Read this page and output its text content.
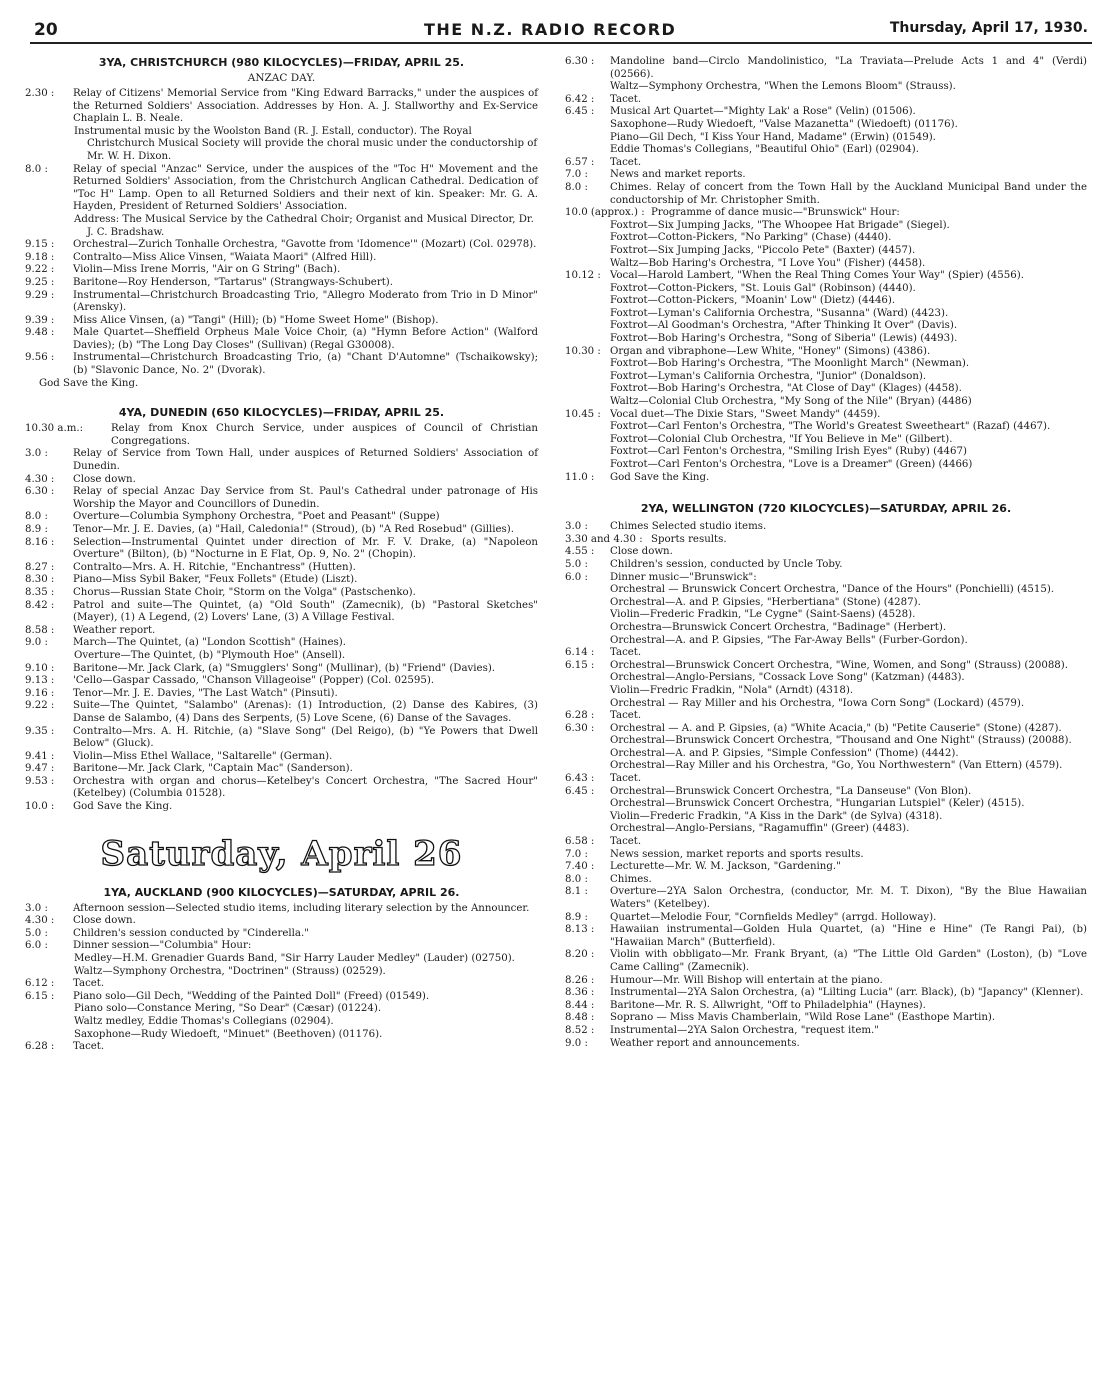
20	THE N.Z. RADIO RECORD	Thursday, April 17, 1930.
3YA, CHRISTCHURCH (980 KILOCYCLES)—FRIDAY, APRIL 25.
ANZAC DAY.
2.30 :	Relay of Citizens' Memorial Service from "King Edward Barracks," under the auspices of the Returned Soldiers' Association. Addresses by Hon. A. J. Stallworthy and Ex-Service Chaplain L. B. Neale.
Instrumental music by the Woolston Band (R. J. Estall, conductor). The Royal Christchurch Musical Society will provide the choral music under the conductorship of Mr. W. H. Dixon.
8.0 :	Relay of special "Anzac" Service, under the auspices of the "Toc H" Movement and the Returned Soldiers' Association, from the Christchurch Anglican Cathedral. Dedication of "Toc H" Lamp. Open to all Returned Soldiers and their next of kin. Speaker: Mr. G. A. Hayden, President of Returned Soldiers' Association.
Address: The Musical Service by the Cathedral Choir; Organist and Musical Director, Dr. J. C. Bradshaw.
9.15 :	Orchestral—Zurich Tonhalle Orchestra, "Gavotte from 'Idomence'" (Mozart) (Col. 02978).
9.18 :	Contralto—Miss Alice Vinsen, "Waiata Maori" (Alfred Hill).
9.22 :	Violin—Miss Irene Morris, "Air on G String" (Bach).
9.25 :	Baritone—Roy Henderson, "Tartarus" (Strangways-Schubert).
9.29 :	Instrumental—Christchurch Broadcasting Trio, "Allegro Moderato from Trio in D Minor" (Arensky).
9.39 :	Miss Alice Vinsen, (a) "Tangi" (Hill); (b) "Home Sweet Home" (Bishop).
9.48 :	Male Quartet—Sheffield Orpheus Male Voice Choir, (a) "Hymn Before Action" (Walford Davies); (b) "The Long Day Closes" (Sullivan) (Regal G30008).
9.56 :	Instrumental—Christchurch Broadcasting Trio, (a) "Chant D'Automne" (Tschaikowsky); (b) "Slavonic Dance, No. 2" (Dvorak).
God Save the King.
4YA, DUNEDIN (650 KILOCYCLES)—FRIDAY, APRIL 25.
10.30 a.m.:	Relay from Knox Church Service, under auspices of Council of Christian Congregations.
3.0 :	Relay of Service from Town Hall, under auspices of Returned Soldiers' Association of Dunedin.
4.30 :	Close down.
6.30 :	Relay of special Anzac Day Service from St. Paul's Cathedral under patronage of His Worship the Mayor and Councillors of Dunedin.
8.0 :	Overture—Columbia Symphony Orchestra, "Poet and Peasant" (Suppe)
8.9 :	Tenor—Mr. J. E. Davies, (a) "Hail, Caledonia!" (Stroud), (b) "A Red Rosebud" (Gillies).
8.16 :	Selection—Instrumental Quintet under direction of Mr. F. V. Drake, (a) "Napoleon Overture" (Bilton), (b) "Nocturne in E Flat, Op. 9, No. 2" (Chopin).
8.27 :	Contralto—Mrs. A. H. Ritchie, "Enchantress" (Hutten).
8.30 :	Piano—Miss Sybil Baker, "Feux Follets" (Etude) (Liszt).
8.35 :	Chorus—Russian State Choir, "Storm on the Volga" (Pastschenko).
8.42 :	Patrol and suite—The Quintet, (a) "Old South" (Zamecnik), (b) "Pastoral Sketches" (Mayer), (1) A Legend, (2) Lovers' Lane, (3) A Village Festival.
8.58 :	Weather report.
9.0 :	March—The Quintet, (a) "London Scottish" (Haines).
Overture—The Quintet, (b) "Plymouth Hoe" (Ansell).
9.10 :	Baritone—Mr. Jack Clark, (a) "Smugglers' Song" (Mullinar), (b) "Friend" (Davies).
9.13 :	'Cello—Gaspar Cassado, "Chanson Villageoise" (Popper) (Col. 02595).
9.16 :	Tenor—Mr. J. E. Davies, "The Last Watch" (Pinsuti).
9.22 :	Suite—The Quintet, "Salambo" (Arenas): (1) Introduction, (2) Danse des Kabires, (3) Danse de Salambo, (4) Dans des Serpents, (5) Love Scene, (6) Danse of the Savages.
9.35 :	Contralto—Mrs. A. H. Ritchie, (a) "Slave Song" (Del Reigo), (b) "Ye Powers that Dwell Below" (Gluck).
9.41 :	Violin—Miss Ethel Wallace, "Saltarelle" (German).
9.47 :	Baritone—Mr. Jack Clark, "Captain Mac" (Sanderson).
9.53 :	Orchestra with organ and chorus—Ketelbey's Concert Orchestra, "The Sacred Hour" (Ketelbey) (Columbia 01528).
10.0 :	God Save the King.
Saturday, April 26
1YA, AUCKLAND (900 KILOCYCLES)—SATURDAY, APRIL 26.
3.0 :	Afternoon session—Selected studio items, including literary selection by the Announcer.
4.30 :	Close down.
5.0 :	Children's session conducted by "Cinderella."
6.0 :	Dinner session—"Columbia" Hour:
Medley—H.M. Grenadier Guards Band, "Sir Harry Lauder Medley" (Lauder) (02750).
Waltz—Symphony Orchestra, "Doctrinen" (Strauss) (02529).
6.12 :	Tacet.
6.15 :	Piano solo—Gil Dech, "Wedding of the Painted Doll" (Freed) (01549).
Piano solo—Constance Mering, "So Dear" (Cæsar) (01224).
Waltz medley, Eddie Thomas's Collegians (02904).
Saxophone—Rudy Wiedoeft, "Minuet" (Beethoven) (01176).
6.28 :	Tacet.
6.30 :	Mandoline band—Circlo Mandolinistico, "La Traviata—Prelude Acts 1 and 4" (Verdi) (02566).
Waltz—Symphony Orchestra, "When the Lemons Bloom" (Strauss).
6.42 :	Tacet.
6.45 :	Musical Art Quartet—"Mighty Lak' a Rose" (Velin) (01506).
Saxophone—Rudy Wiedoeft, "Valse Mazanetta" (Wiedoeft) (01176).
Piano—Gil Dech, "I Kiss Your Hand, Madame" (Erwin) (01549).
Eddie Thomas's Collegians, "Beautiful Ohio" (Earl) (02904).
6.57 :	Tacet.
7.0 :	News and market reports.
8.0 :	Chimes. Relay of concert from the Town Hall by the Auckland Municipal Band under the conductorship of Mr. Christopher Smith.
10.0 (approx.) : Programme of dance music—"Brunswick" Hour:
Foxtrot—Six Jumping Jacks, "The Whoopee Hat Brigade" (Siegel).
Foxtrot—Cotton-Pickers, "No Parking" (Chase) (4440).
Foxtrot—Six Jumping Jacks, "Piccolo Pete" (Baxter) (4457).
Waltz—Bob Haring's Orchestra, "I Love You" (Fisher) (4458).
10.12 : Vocal—Harold Lambert, "When the Real Thing Comes Your Way" (Spier) (4556).
Foxtrot—Cotton-Pickers, "St. Louis Gal" (Robinson) (4440).
Foxtrot—Cotton-Pickers, "Moanin' Low" (Dietz) (4446).
Foxtrot—Lyman's California Orchestra, "Susanna" (Ward) (4423).
Foxtrot—Al Goodman's Orchestra, "After Thinking It Over" (Davis).
Foxtrot—Bob Haring's Orchestra, "Song of Siberia" (Lewis) (4493).
10.30 : Organ and vibraphone—Lew White, "Honey" (Simons) (4386).
Foxtrot—Bob Haring's Orchestra, "The Moonlight March" (Newman).
Foxtrot—Lyman's California Orchestra, "Junior" (Donaldson).
Foxtrot—Bob Haring's Orchestra, "At Close of Day" (Klages) (4458).
Waltz—Colonial Club Orchestra, "My Song of the Nile" (Bryan) (4486)
10.45 : Vocal duet—The Dixie Stars, "Sweet Mandy" (4459).
Foxtrot—Carl Fenton's Orchestra, "The World's Greatest Sweetheart" (Razaf) (4467).
Foxtrot—Colonial Club Orchestra, "If You Believe in Me" (Gilbert).
Foxtrot—Carl Fenton's Orchestra, "Smiling Irish Eyes" (Ruby) (4467)
Foxtrot—Carl Fenton's Orchestra, "Love is a Dreamer" (Green) (4466)
11.0 :	God Save the King.
2YA, WELLINGTON (720 KILOCYCLES)—SATURDAY, APRIL 26.
3.0 :	Chimes Selected studio items.
3.30 and 4.30 : Sports results.
4.55 :	Close down.
5.0 :	Children's session, conducted by Uncle Toby.
6.0 :	Dinner music—"Brunswick":
Orchestral — Brunswick Concert Orchestra, "Dance of the Hours" (Ponchielli) (4515).
Orchestral—A. and P. Gipsies, "Herbertiana" (Stone) (4287).
Violin—Frederic Fradkin, "Le Cygne" (Saint-Saens) (4528).
Orchestra—Brunswick Concert Orchestra, "Badinage" (Herbert).
Orchestral—A. and P. Gipsies, "The Far-Away Bells" (Furber-Gordon).
6.14 :	Tacet.
6.15 :	Orchestral—Brunswick Concert Orchestra, "Wine, Women, and Song" (Strauss) (20088).
Orchestral—Anglo-Persians, "Cossack Love Song" (Katzman) (4483).
Violin—Fredric Fradkin, "Nola" (Arndt) (4318).
Orchestral — Ray Miller and his Orchestra, "Iowa Corn Song" (Lockard) (4579).
6.28 :	Tacet.
6.30 :	Orchestral — A. and P. Gipsies, (a) "White Acacia," (b) "Petite Causerie" (Stone) (4287).
Orchestral—Brunswick Concert Orchestra, "Thousand and One Night" (Strauss) (20088).
Orchestral—A. and P. Gipsies, "Simple Confession" (Thome) (4442).
Orchestral—Ray Miller and his Orchestra, "Go, You Northwestern" (Van Ettern) (4579).
6.43 :	Tacet.
6.45 :	Orchestral—Brunswick Concert Orchestra, "La Danseuse" (Von Blon).
Orchestral—Brunswick Concert Orchestra, "Hungarian Lutspiel" (Keler) (4515).
Violin—Frederic Fradkin, "A Kiss in the Dark" (de Sylva) (4318).
Orchestral—Anglo-Persians, "Ragamuffin" (Greer) (4483).
6.58 :	Tacet.
7.0 :	News session, market reports and sports results.
7.40 :	Lecturette—Mr. W. M. Jackson, "Gardening."
8.0 :	Chimes.
8.1 :	Overture—2YA Salon Orchestra, (conductor, Mr. M. T. Dixon), "By the Blue Hawaiian Waters" (Ketelbey).
8.9 :	Quartet—Melodie Four, "Cornfields Medley" (arrgd. Holloway).
8.13 :	Hawaiian instrumental—Golden Hula Quartet, (a) "Hine e Hine" (Te Rangi Pai), (b) "Hawaiian March" (Butterfield).
8.20 :	Violin with obbligato—Mr. Frank Bryant, (a) "The Little Old Garden" (Loston), (b) "Love Came Calling" (Zamecnik).
8.26 :	Humour—Mr. Will Bishop will entertain at the piano.
8.36 :	Instrumental—2YA Salon Orchestra, (a) "Lilting Lucia" (arr. Black), (b) "Japancy" (Klenner).
8.44 :	Baritone—Mr. R. S. Allwright, "Off to Philadelphia" (Haynes).
8.48 :	Soprano — Miss Mavis Chamberlain, "Wild Rose Lane" (Easthope Martin).
8.52 :	Instrumental—2YA Salon Orchestra, "request item."
9.0 :	Weather report and announcements.
